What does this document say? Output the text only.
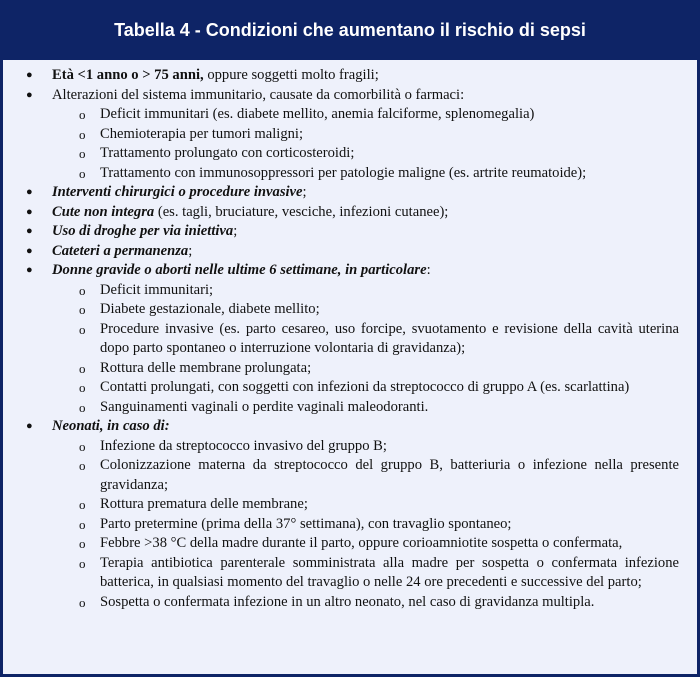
Tabella 4 - Condizioni che aumentano il rischio di sepsi
● Età <1 anno o > 75 anni, oppure soggetti molto fragili;
● Alterazioni del sistema immunitario, causate da comorbilità o farmaci:
o Deficit immunitari (es. diabete mellito, anemia falciforme, splenomegalia)
o Chemioterapia per tumori maligni;
o Trattamento prolungato con corticosteroidi;
o Trattamento con immunosoppressori per patologie maligne (es. artrite reumatoide);
● Interventi chirurgici o procedure invasive;
● Cute non integra (es. tagli, bruciature, vesciche, infezioni cutanee);
● Uso di droghe per via iniettiva;
● Cateteri a permanenza;
● Donne gravide o aborti nelle ultime 6 settimane, in particolare:
o Deficit immunitari;
o Diabete gestazionale, diabete mellito;
o Procedure invasive (es. parto cesareo, uso forcipe, svuotamento e revisione della cavità uterina dopo parto spontaneo o interruzione volontaria di gravidanza);
o Rottura delle membrane prolungata;
o Contatti prolungati, con soggetti con infezioni da streptococco di gruppo A (es. scarlattina)
o Sanguinamenti vaginali o perdite vaginali maleodoranti.
● Neonati, in caso di:
o Infezione da streptococco invasivo del gruppo B;
o Colonizzazione materna da streptococco del gruppo B, batteriuria o infezione nella presente gravidanza;
o Rottura prematura delle membrane;
o Parto pretermine (prima della 37° settimana), con travaglio spontaneo;
o Febbre >38 °C della madre durante il parto, oppure corioamniotite sospetta o confermata,
o Terapia antibiotica parenterale somministrata alla madre per sospetta o confermata infezione batterica, in qualsiasi momento del travaglio o nelle 24 ore precedenti e successive del parto;
o Sospetta o confermata infezione in un altro neonato, nel caso di gravidanza multipla.
